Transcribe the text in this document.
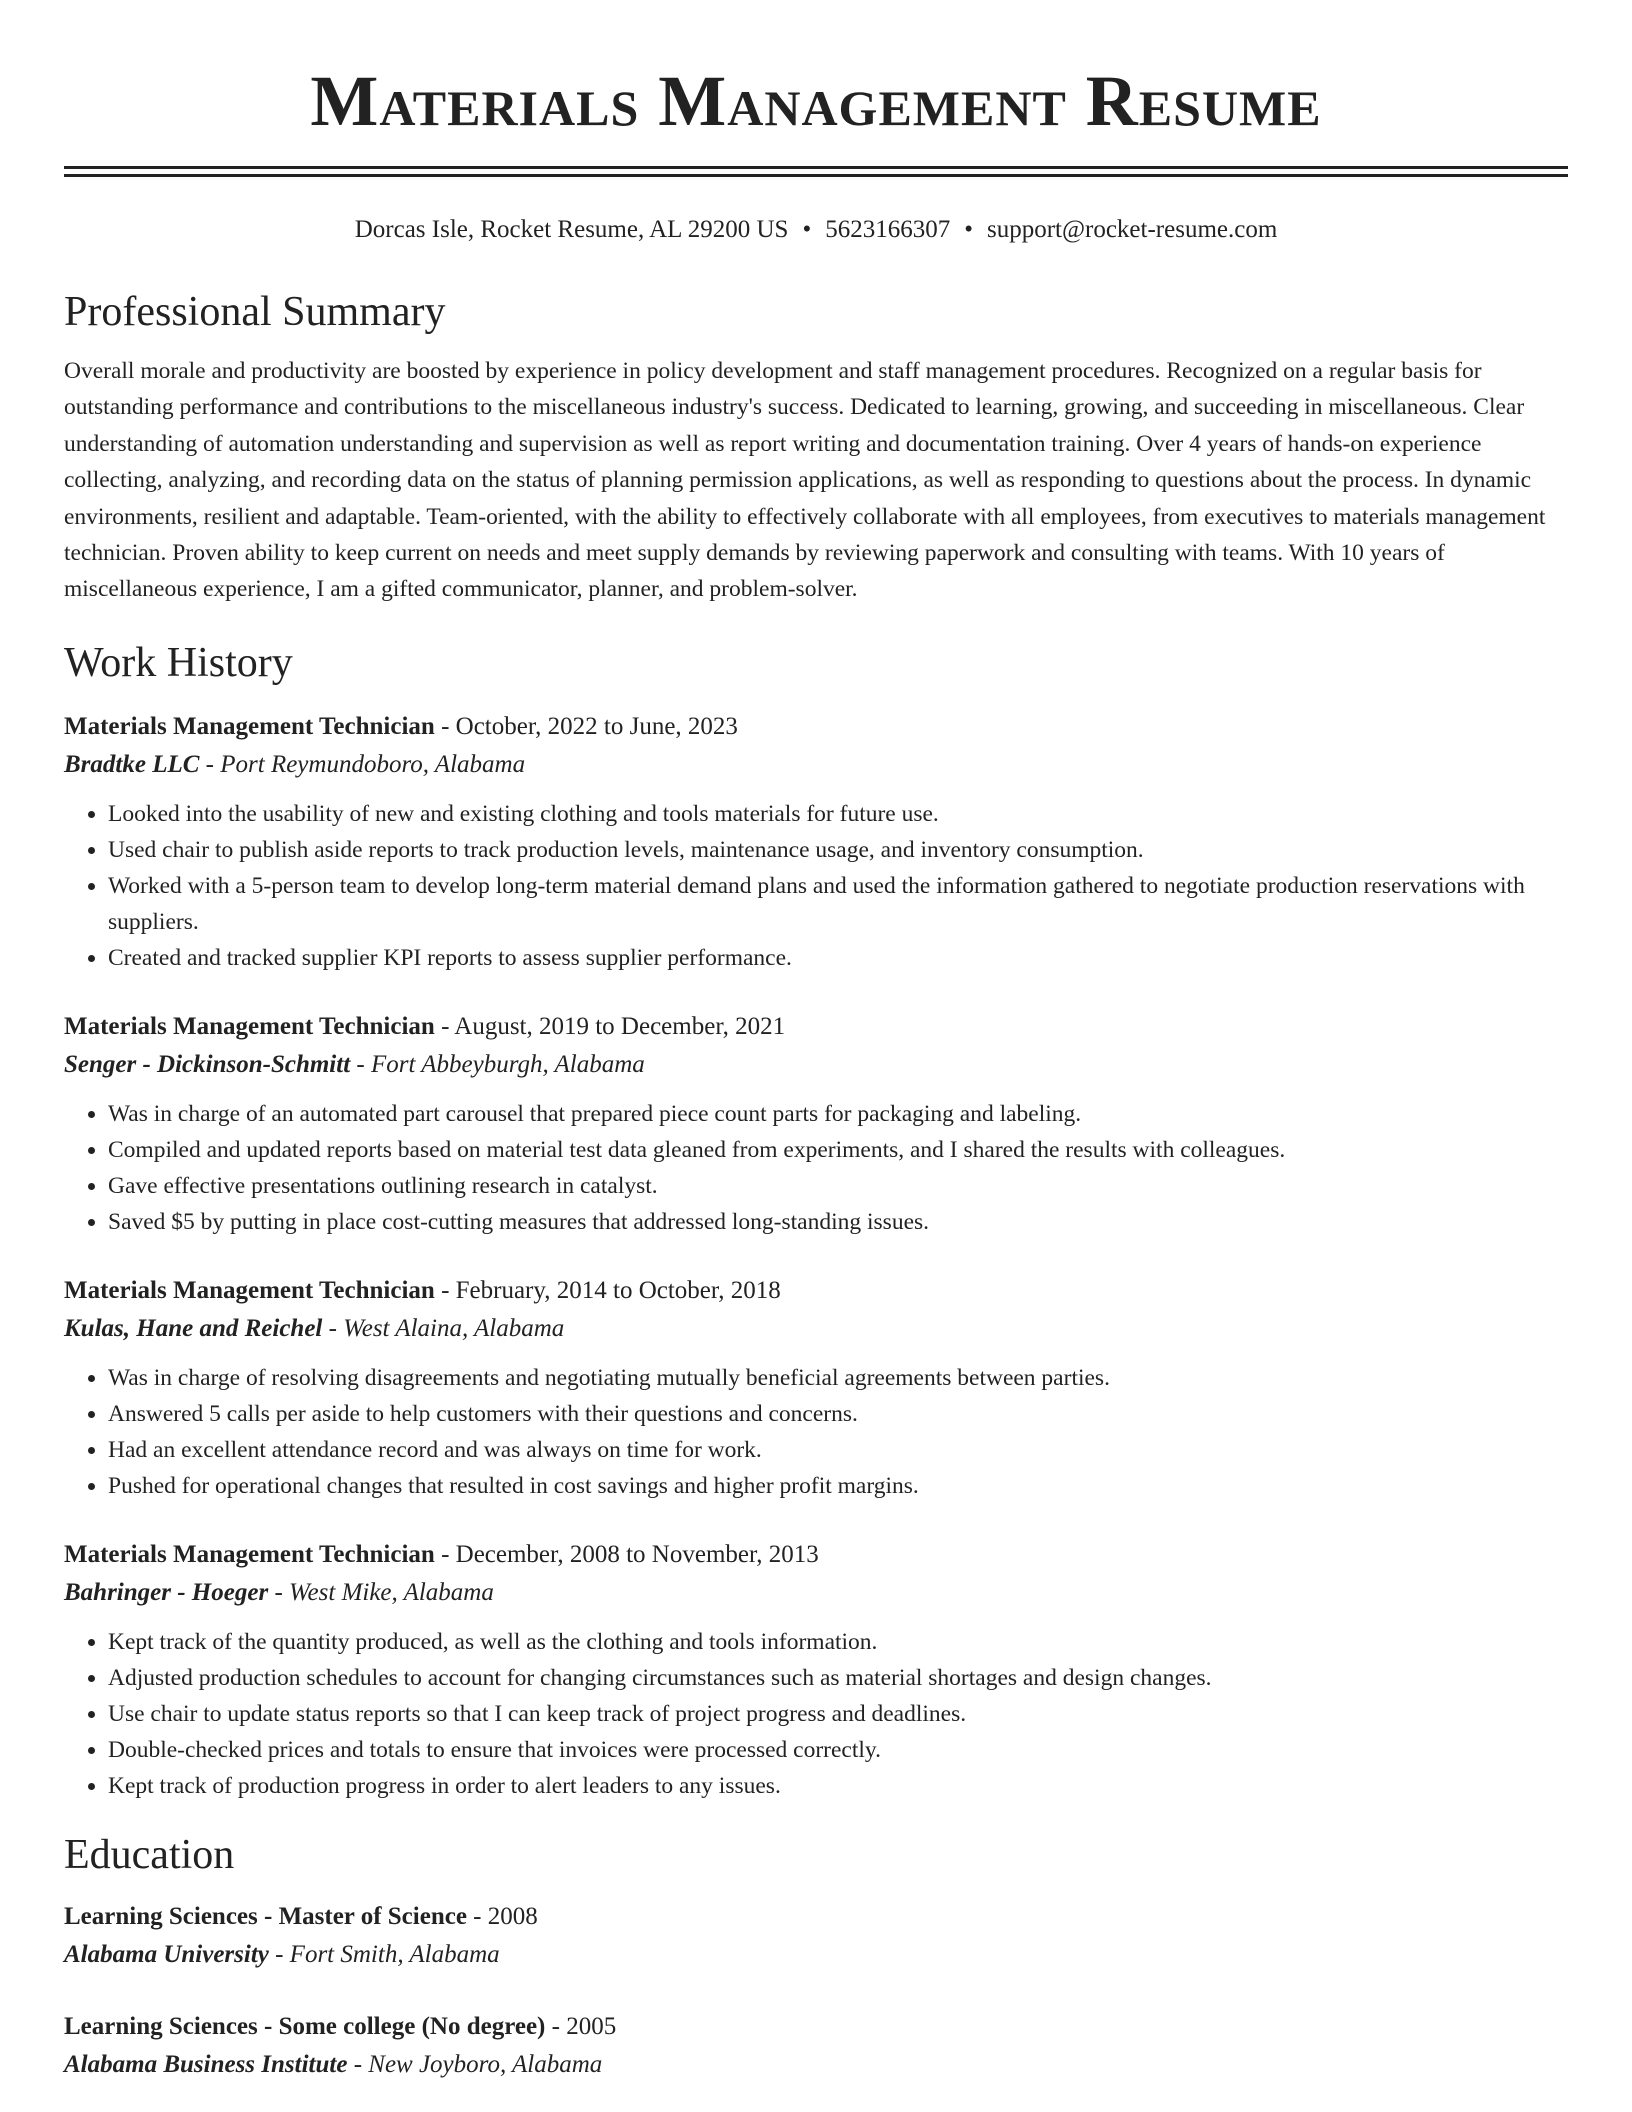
Materials Management Resume
Dorcas Isle, Rocket Resume, AL 29200 US • 5623166307 • support@rocket-resume.com
Professional Summary
Overall morale and productivity are boosted by experience in policy development and staff management procedures. Recognized on a regular basis for outstanding performance and contributions to the miscellaneous industry's success. Dedicated to learning, growing, and succeeding in miscellaneous. Clear understanding of automation understanding and supervision as well as report writing and documentation training. Over 4 years of hands-on experience collecting, analyzing, and recording data on the status of planning permission applications, as well as responding to questions about the process. In dynamic environments, resilient and adaptable. Team-oriented, with the ability to effectively collaborate with all employees, from executives to materials management technician. Proven ability to keep current on needs and meet supply demands by reviewing paperwork and consulting with teams. With 10 years of miscellaneous experience, I am a gifted communicator, planner, and problem-solver.
Work History
Materials Management Technician - October, 2022 to June, 2023
Bradtke LLC - Port Reymundoboro, Alabama
• Looked into the usability of new and existing clothing and tools materials for future use.
• Used chair to publish aside reports to track production levels, maintenance usage, and inventory consumption.
• Worked with a 5-person team to develop long-term material demand plans and used the information gathered to negotiate production reservations with suppliers.
• Created and tracked supplier KPI reports to assess supplier performance.
Materials Management Technician - August, 2019 to December, 2021
Senger - Dickinson-Schmitt - Fort Abbeyburgh, Alabama
• Was in charge of an automated part carousel that prepared piece count parts for packaging and labeling.
• Compiled and updated reports based on material test data gleaned from experiments, and I shared the results with colleagues.
• Gave effective presentations outlining research in catalyst.
• Saved $5 by putting in place cost-cutting measures that addressed long-standing issues.
Materials Management Technician - February, 2014 to October, 2018
Kulas, Hane and Reichel - West Alaina, Alabama
• Was in charge of resolving disagreements and negotiating mutually beneficial agreements between parties.
• Answered 5 calls per aside to help customers with their questions and concerns.
• Had an excellent attendance record and was always on time for work.
• Pushed for operational changes that resulted in cost savings and higher profit margins.
Materials Management Technician - December, 2008 to November, 2013
Bahringer - Hoeger - West Mike, Alabama
• Kept track of the quantity produced, as well as the clothing and tools information.
• Adjusted production schedules to account for changing circumstances such as material shortages and design changes.
• Use chair to update status reports so that I can keep track of project progress and deadlines.
• Double-checked prices and totals to ensure that invoices were processed correctly.
• Kept track of production progress in order to alert leaders to any issues.
Education
Learning Sciences - Master of Science - 2008
Alabama University - Fort Smith, Alabama
Learning Sciences - Some college (No degree) - 2005
Alabama Business Institute - New Joyboro, Alabama
